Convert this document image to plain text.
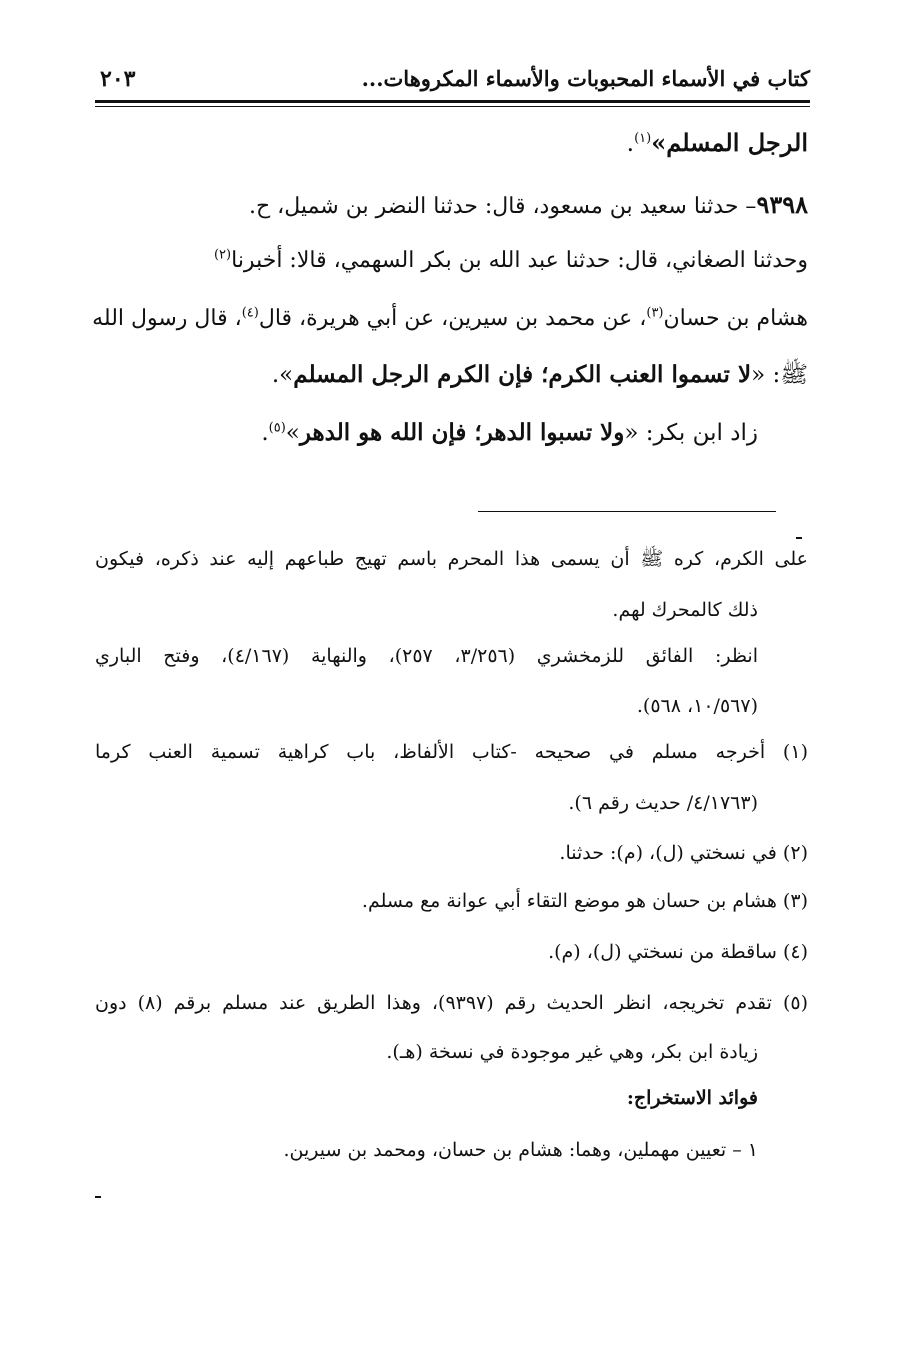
كتاب في الأسماء المحبوبات والأسماء المكروهات...
٢٠٣
الرجل المسلم»$^{(١)}$.
٩٣٩٨– حدثنا سعيد بن مسعود، قال: حدثنا النضر بن شميل، ح.
وحدثنا الصغاني، قال: حدثنا عبد الله بن بكر السهمي، قالا: أخبرنا$^{(٢)}$
هشام بن حسان$^{(٣)}$، عن محمد بن سيرين، عن أبي هريرة، قال$^{(٤)}$، قال رسول الله
ﷺ: «لا تسموا العنب الكرم؛ فإن الكرم الرجل المسلم».
زاد ابن بكر: «ولا تسبوا الدهر؛ فإن الله هو الدهر»$^{(٥)}$.
على الكرم، كره ﷺ أن يسمى هذا المحرم باسم تهيج طباعهم إليه عند ذكره، فيكون
ذلك كالمحرك لهم.
انظر: الفائق للزمخشري (٣/٢٥٦، ٢٥٧)، والنهاية (٤/١٦٧)، وفتح الباري
(١٠/٥٦٧، ٥٦٨).
(١) أخرجه مسلم في صحيحه -كتاب الألفاظ، باب كراهية تسمية العنب كرما
(٤/١٧٦٣/ حديث رقم ٦).
(٢) في نسختي (ل)، (م): حدثنا.
(٣) هشام بن حسان هو موضع التقاء أبي عوانة مع مسلم.
(٤) ساقطة من نسختي (ل)، (م).
(٥) تقدم تخريجه، انظر الحديث رقم (٩٣٩٧)، وهذا الطريق عند مسلم برقم (٨) دون
زيادة ابن بكر، وهي غير موجودة في نسخة (هـ).
فوائد الاستخراج:
١ – تعيين مهملين، وهما: هشام بن حسان، ومحمد بن سيرين.
